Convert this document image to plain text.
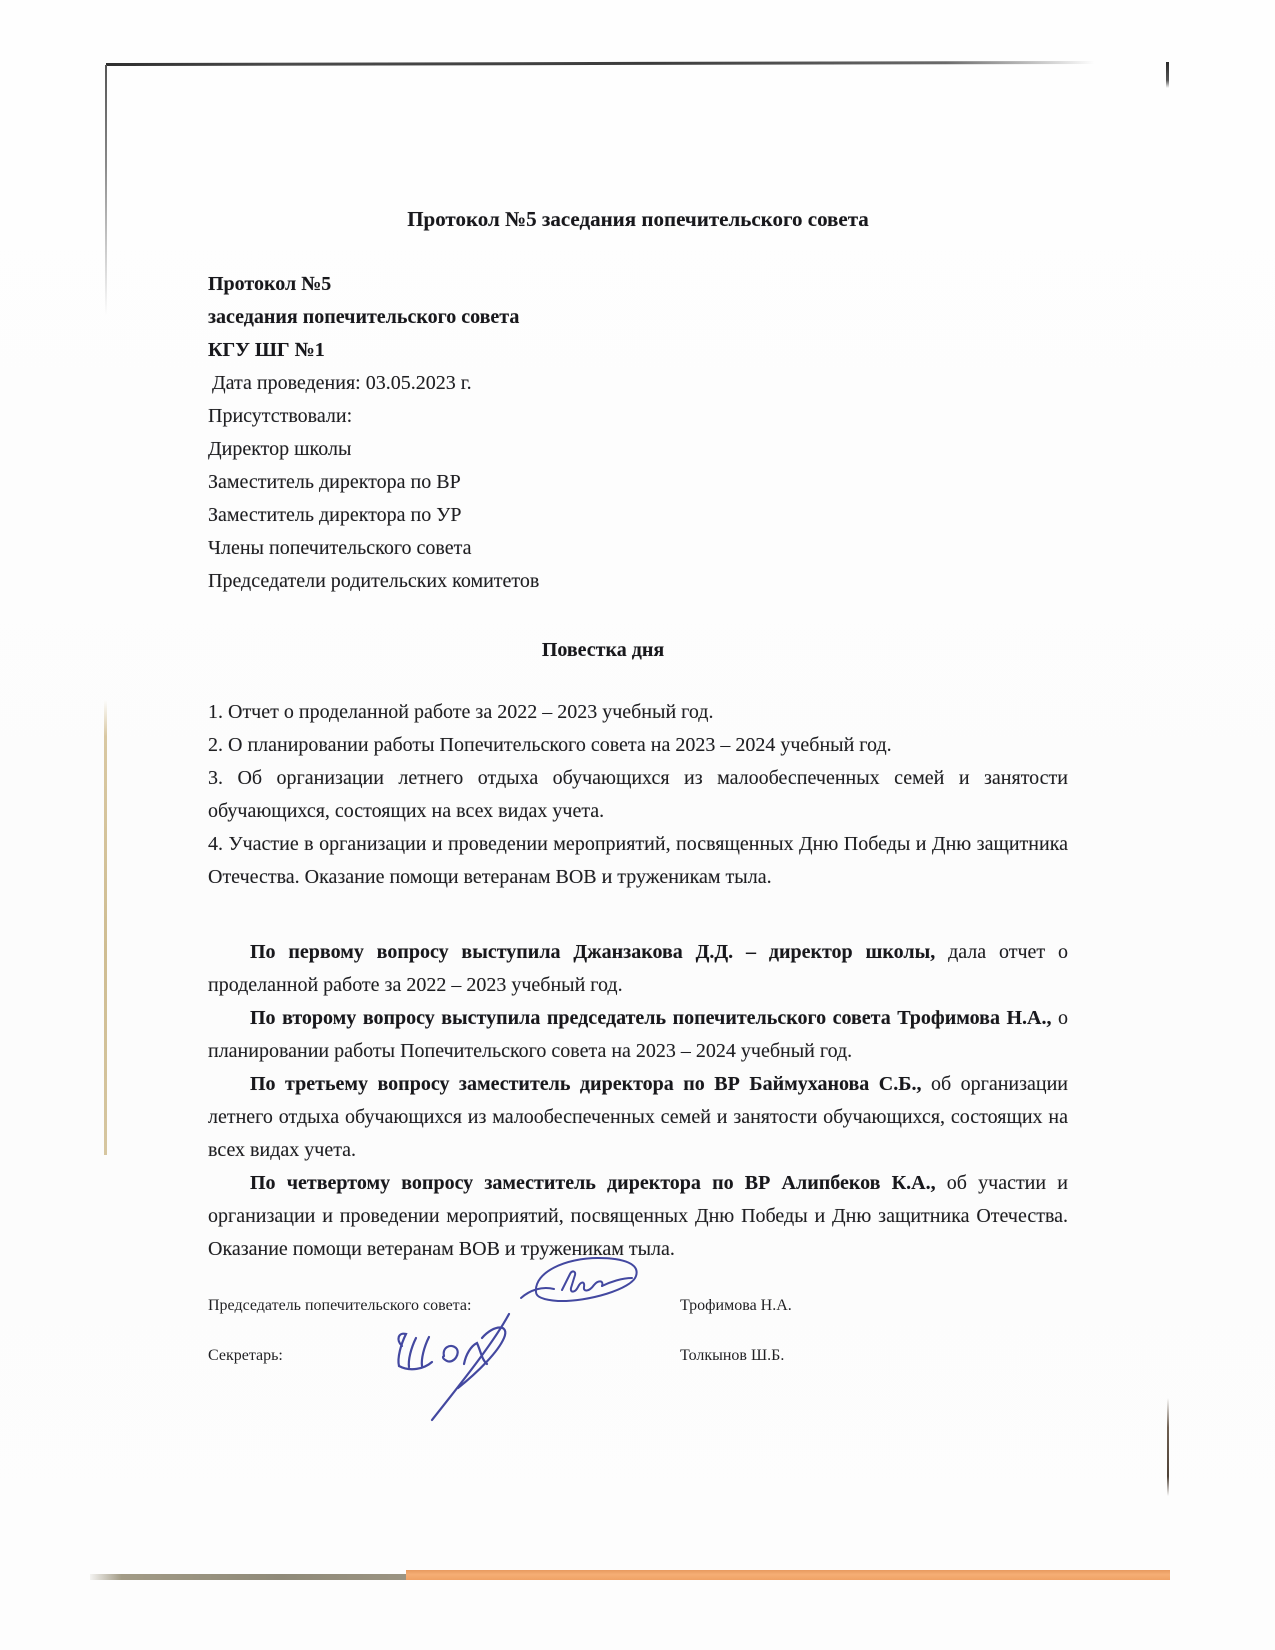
Протокол №5 заседания попечительского совета
Протокол №5
заседания попечительского совета
КГУ ШГ №1
Дата проведения: 03.05.2023 г.
Присутствовали:
Директор школы
Заместитель директора по ВР
Заместитель директора по УР
Члены попечительского совета
Председатели родительских комитетов
Повестка дня

1. Отчет о проделанной работе за 2022 – 2023 учебный год.

2. О планировании работы Попечительского совета на 2023 – 2024 учебный год.

3. Об организации летнего отдыха обучающихся из малообеспеченных семей и занятости обучающихся, состоящих на всех видах учета.

4. Участие в организации и проведении мероприятий, посвященных Дню Победы и Дню защитника Отечества. Оказание помощи ветеранам ВОВ и труженикам тыла.

По первому вопросу выступила Джанзакова Д.Д. – директор школы, дала отчет о проделанной работе за 2022 – 2023 учебный год.

По второму вопросу выступила председатель попечительского совета Трофимова Н.А., о планировании работы Попечительского совета на 2023 – 2024 учебный год.

По третьему вопросу заместитель директора по ВР Баймуханова С.Б., об организации летнего отдыха обучающихся из малообеспеченных семей и занятости обучающихся, состоящих на всех видах учета.

По четвертому вопросу заместитель директора по ВР Алипбеков К.А., об участии и организации и проведении мероприятий, посвященных Дню Победы и Дню защитника Отечества. Оказание помощи ветеранам ВОВ и труженикам тыла.

Председатель попечительского совета:	Трофимова Н.А.
Секретарь:	Толкынов Ш.Б.
